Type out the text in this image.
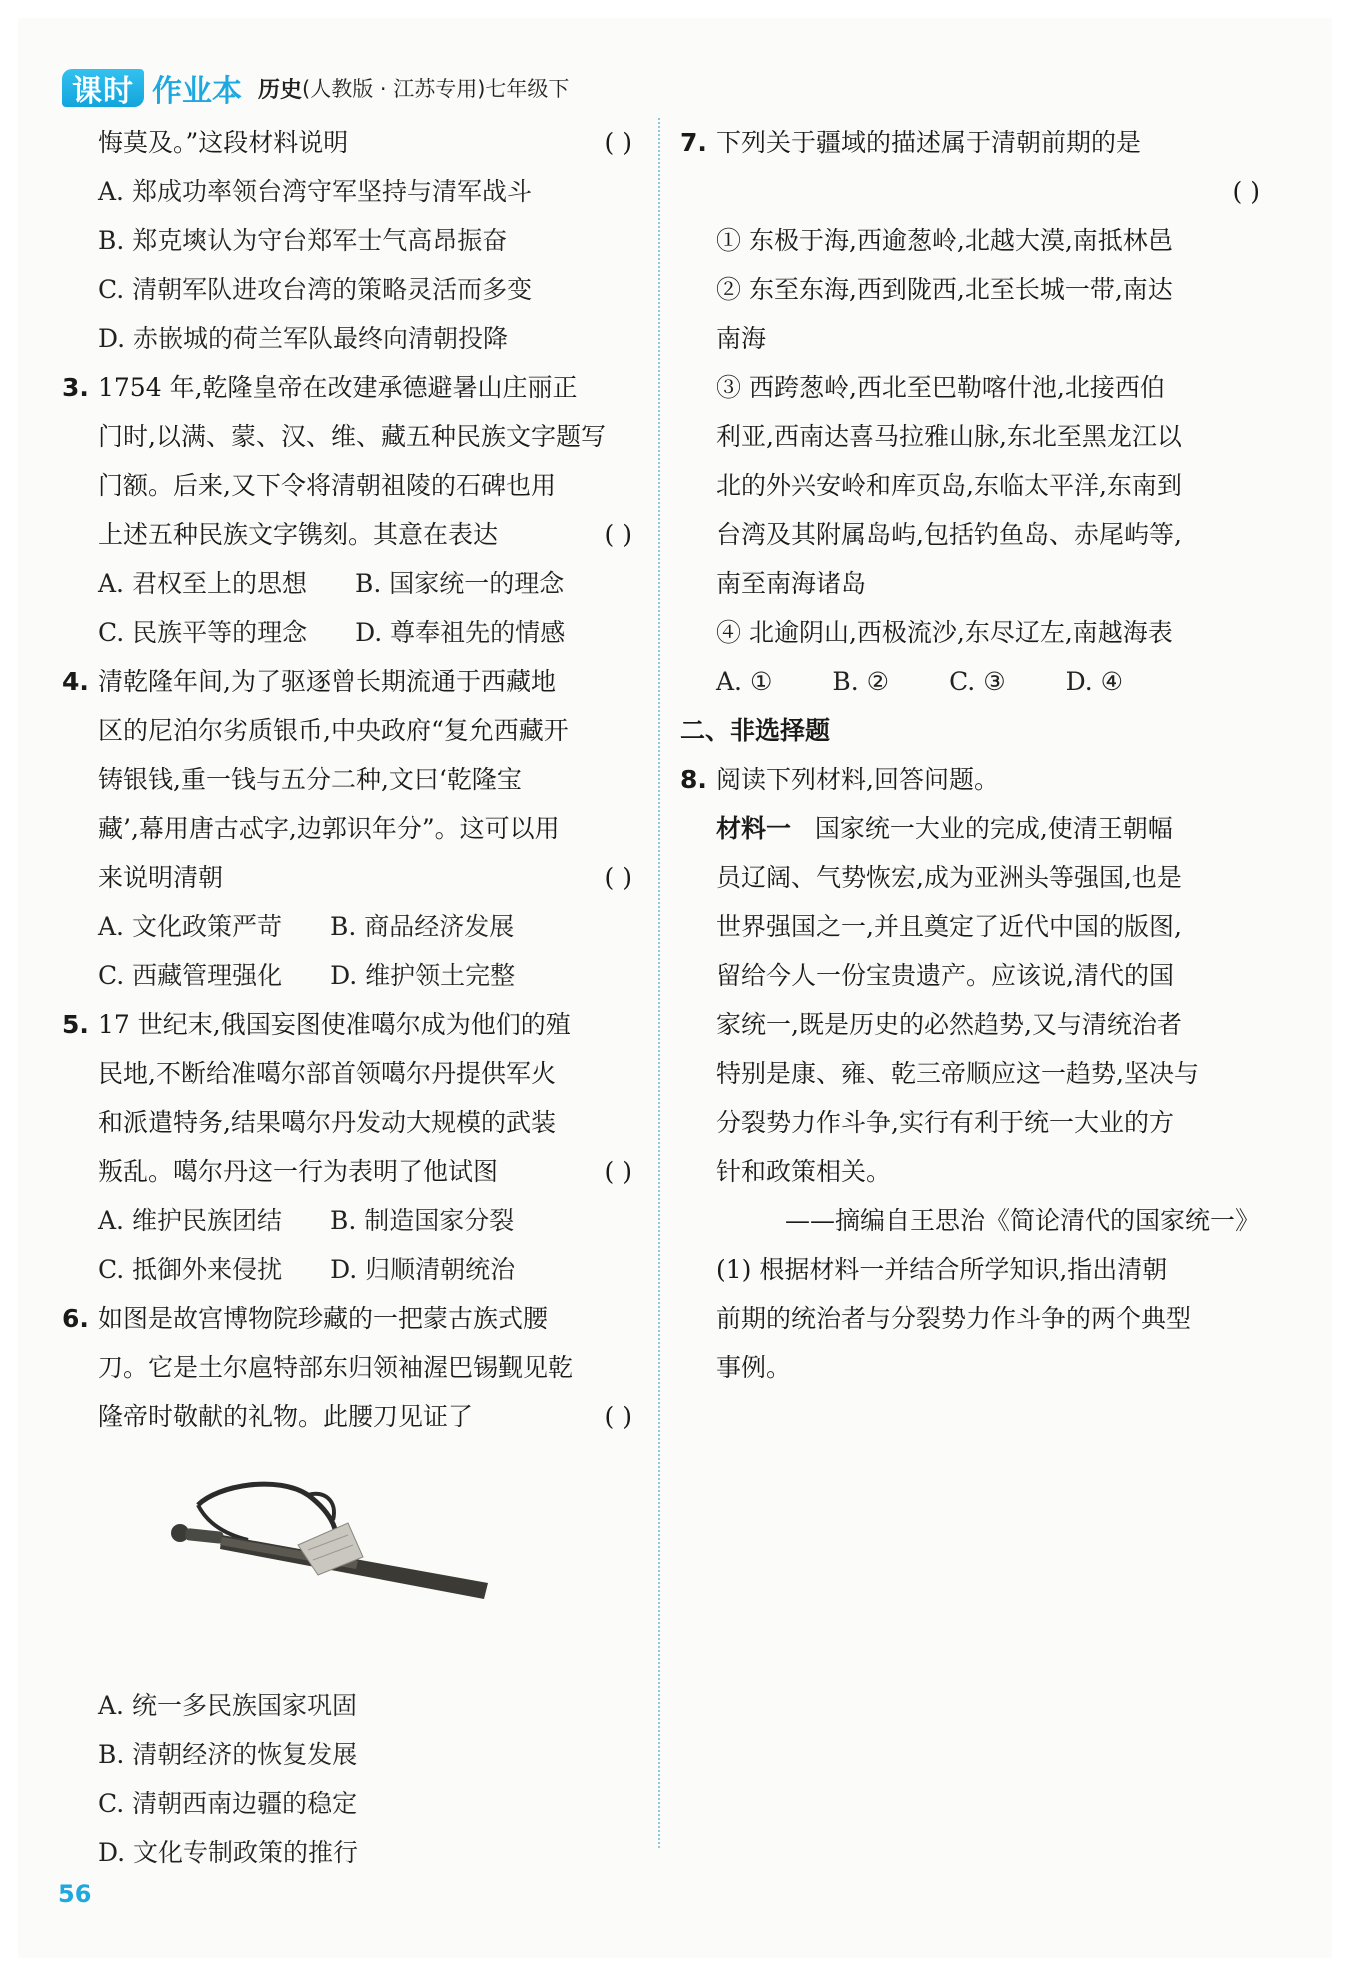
课时 作业本 历史 (人教版 · 江苏专用)七年级下
悔莫及。”这段材料说明	( )
A. 郑成功率领台湾守军坚持与清军战斗
B. 郑克塽认为守台郑军士气高昂振奋
C. 清朝军队进攻台湾的策略灵活而多变
D. 赤嵌城的荷兰军队最终向清朝投降
3. 1754 年,乾隆皇帝在改建承德避暑山庄丽正
门时,以满、蒙、汉、维、藏五种民族文字题写
门额。后来,又下令将清朝祖陵的石碑也用
上述五种民族文字镌刻。其意在表达	( )
A. 君权至上的思想 B. 国家统一的理念
C. 民族平等的理念 D. 尊奉祖先的情感
4. 清乾隆年间,为了驱逐曾长期流通于西藏地
区的尼泊尔劣质银币,中央政府“复允西藏开
铸银钱,重一钱与五分二种,文曰‘乾隆宝
藏’,幕用唐古忒字,边郭识年分”。这可以用
来说明清朝	( )
A. 文化政策严苛 B. 商品经济发展
C. 西藏管理强化 D. 维护领土完整
5. 17 世纪末,俄国妄图使准噶尔成为他们的殖
民地,不断给准噶尔部首领噶尔丹提供军火
和派遣特务,结果噶尔丹发动大规模的武装
叛乱。噶尔丹这一行为表明了他试图	( )
A. 维护民族团结 B. 制造国家分裂
C. 抵御外来侵扰 D. 归顺清朝统治
6. 如图是故宫博物院珍藏的一把蒙古族式腰
刀。它是土尔扈特部东归领袖渥巴锡觐见乾
隆帝时敬献的礼物。此腰刀见证了	( )
A. 统一多民族国家巩固
B. 清朝经济的恢复发展
C. 清朝西南边疆的稳定
D. 文化专制政策的推行
7. 下列关于疆域的描述属于清朝前期的是
( )
① 东极于海,西逾葱岭,北越大漠,南抵林邑
② 东至东海,西到陇西,北至长城一带,南达
南海
③ 西跨葱岭,西北至巴勒喀什池,北接西伯
利亚,西南达喜马拉雅山脉,东北至黑龙江以
北的外兴安岭和库页岛,东临太平洋,东南到
台湾及其附属岛屿,包括钓鱼岛、赤尾屿等,
南至南海诸岛
④ 北逾阴山,西极流沙,东尽辽左,南越海表
A. ① B. ② C. ③ D. ④
二、非选择题
8. 阅读下列材料,回答问题。
材料一 国家统一大业的完成,使清王朝幅
员辽阔、气势恢宏,成为亚洲头等强国,也是
世界强国之一,并且奠定了近代中国的版图,
留给今人一份宝贵遗产。应该说,清代的国
家统一,既是历史的必然趋势,又与清统治者
特别是康、雍、乾三帝顺应这一趋势,坚决与
分裂势力作斗争,实行有利于统一大业的方
针和政策相关。
——摘编自王思治《简论清代的国家统一》
(1) 根据材料一并结合所学知识,指出清朝
前期的统治者与分裂势力作斗争的两个典型
事例。
56
